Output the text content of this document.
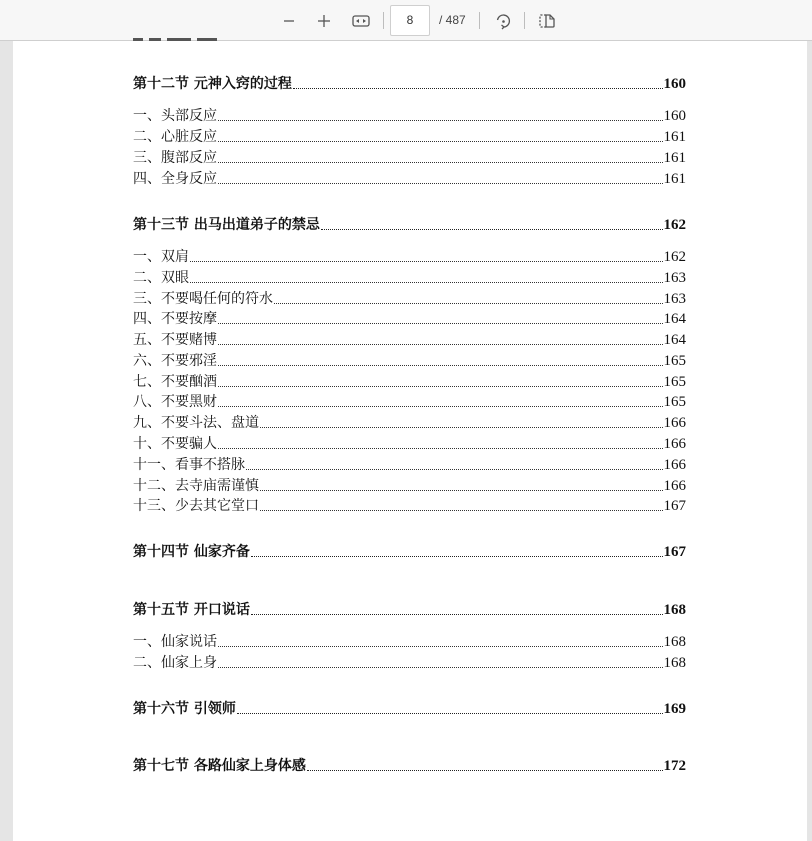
8	/ 487
第十二节 元神入窍的过程	160
一、头部反应	160
二、心脏反应	161
三、腹部反应	161
四、全身反应	161
第十三节 出马出道弟子的禁忌	162
一、双肩	162
二、双眼	163
三、不要喝任何的符水	163
四、不要按摩	164
五、不要赌博	164
六、不要邪淫	165
七、不要酗酒	165
八、不要黑财	165
九、不要斗法、盘道	166
十、不要骗人	166
十一、看事不搭脉	166
十二、去寺庙需谨慎	166
十三、少去其它堂口	167
第十四节 仙家齐备	167
第十五节 开口说话	168
一、仙家说话	168
二、仙家上身	168
第十六节 引领师	169
第十七节 各路仙家上身体感	172
